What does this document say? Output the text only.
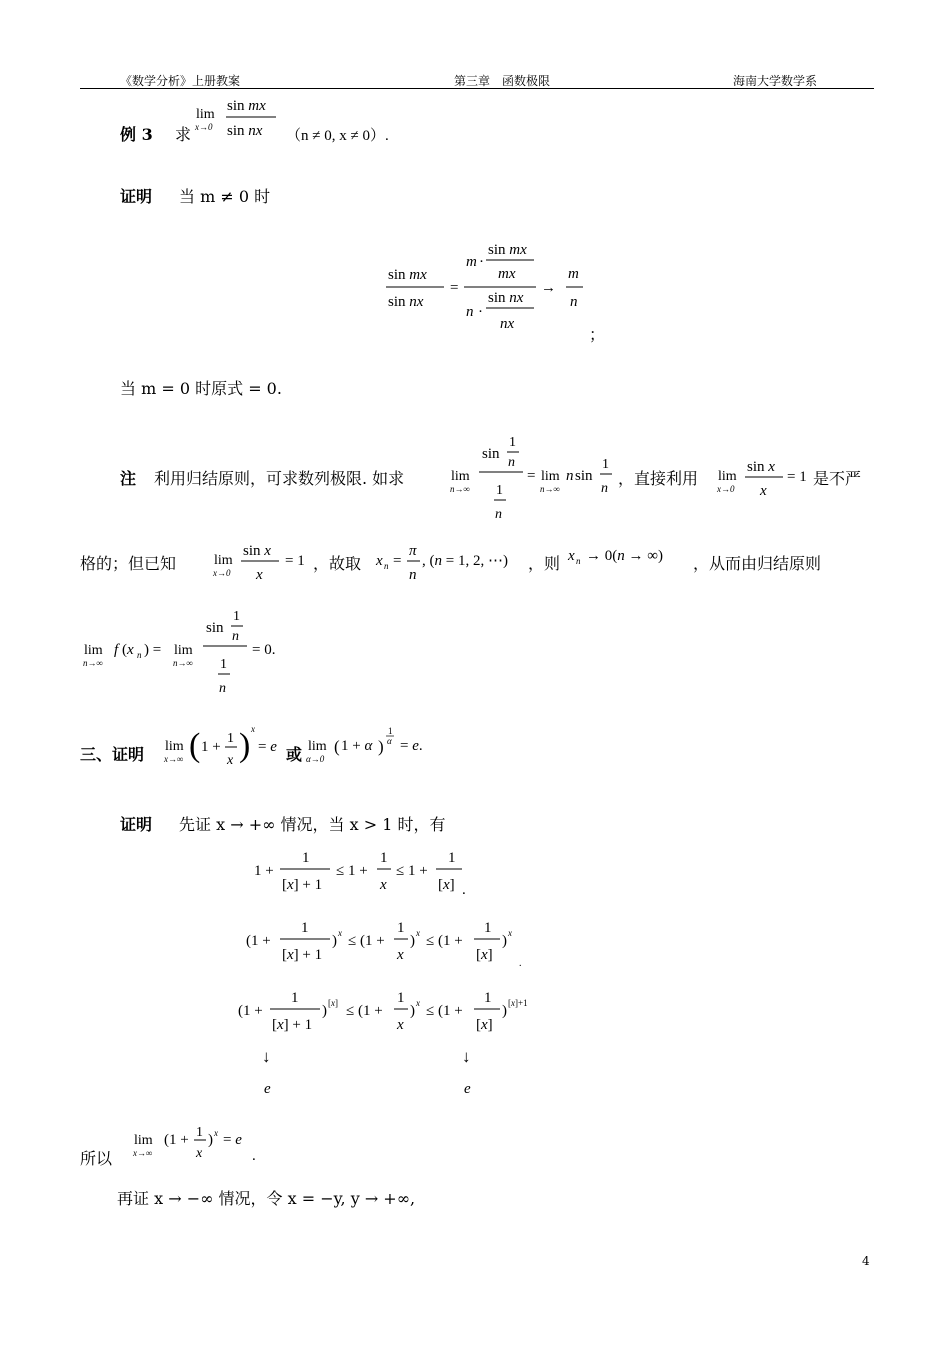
《数学分析》上册教案	第三章　函数极限	海南大学数学系
例 3 求
lim
x→0
sin mx
sin nx （n ≠ 0, x ≠ 0）.
证明 当 m ≠ 0 时
sin mx
sin nx
=
m ·
sin mx
mx
n ·
sin nx
nx
→
m
n
；
当 m = 0 时原式 = 0.
注 利用归结原则，可求数列极限. 如求	lim
n→∞
sin
1
n
1
n
= lim
n→∞
n sin
1
n
，直接利用 lim
x→0
sin x
x
= 1 是不严
格的；但已知	lim
x→0
sin x
x
= 1 ，故取 x n =
π
n
, (n = 1, 2, ⋯) ，则 x n → 0(n → ∞) ，从而由归结原则
lim
n→∞
f (x n ) = lim
n→∞
sin
1
n
1
n
= 0.
三、证明 lim
x→∞ ( 1 +
1
x ) x
= e 或 lim
α→0
( 1 + α )
1
α = e.
证明 先证 x → +∞ 情况，当 x > 1 时，有
1 +
1
[x] + 1
≤ 1 +
1
x
≤ 1 +
1
[x] .
(1 +
1
[x] + 1
) x ≤ (1 +
1
x
) x ≤ (1 +
1
[x]
) x
.
(1 +
1
[x] + 1
) [x] ≤ (1 +
1
x
) x ≤ (1 +
1
[x]
) [x]+1
↓	↓
e	e
所以
lim
x→∞
(1 + 1
x
) x = e
.
再证 x → −∞ 情况，令 x = −y, y → +∞,
4
